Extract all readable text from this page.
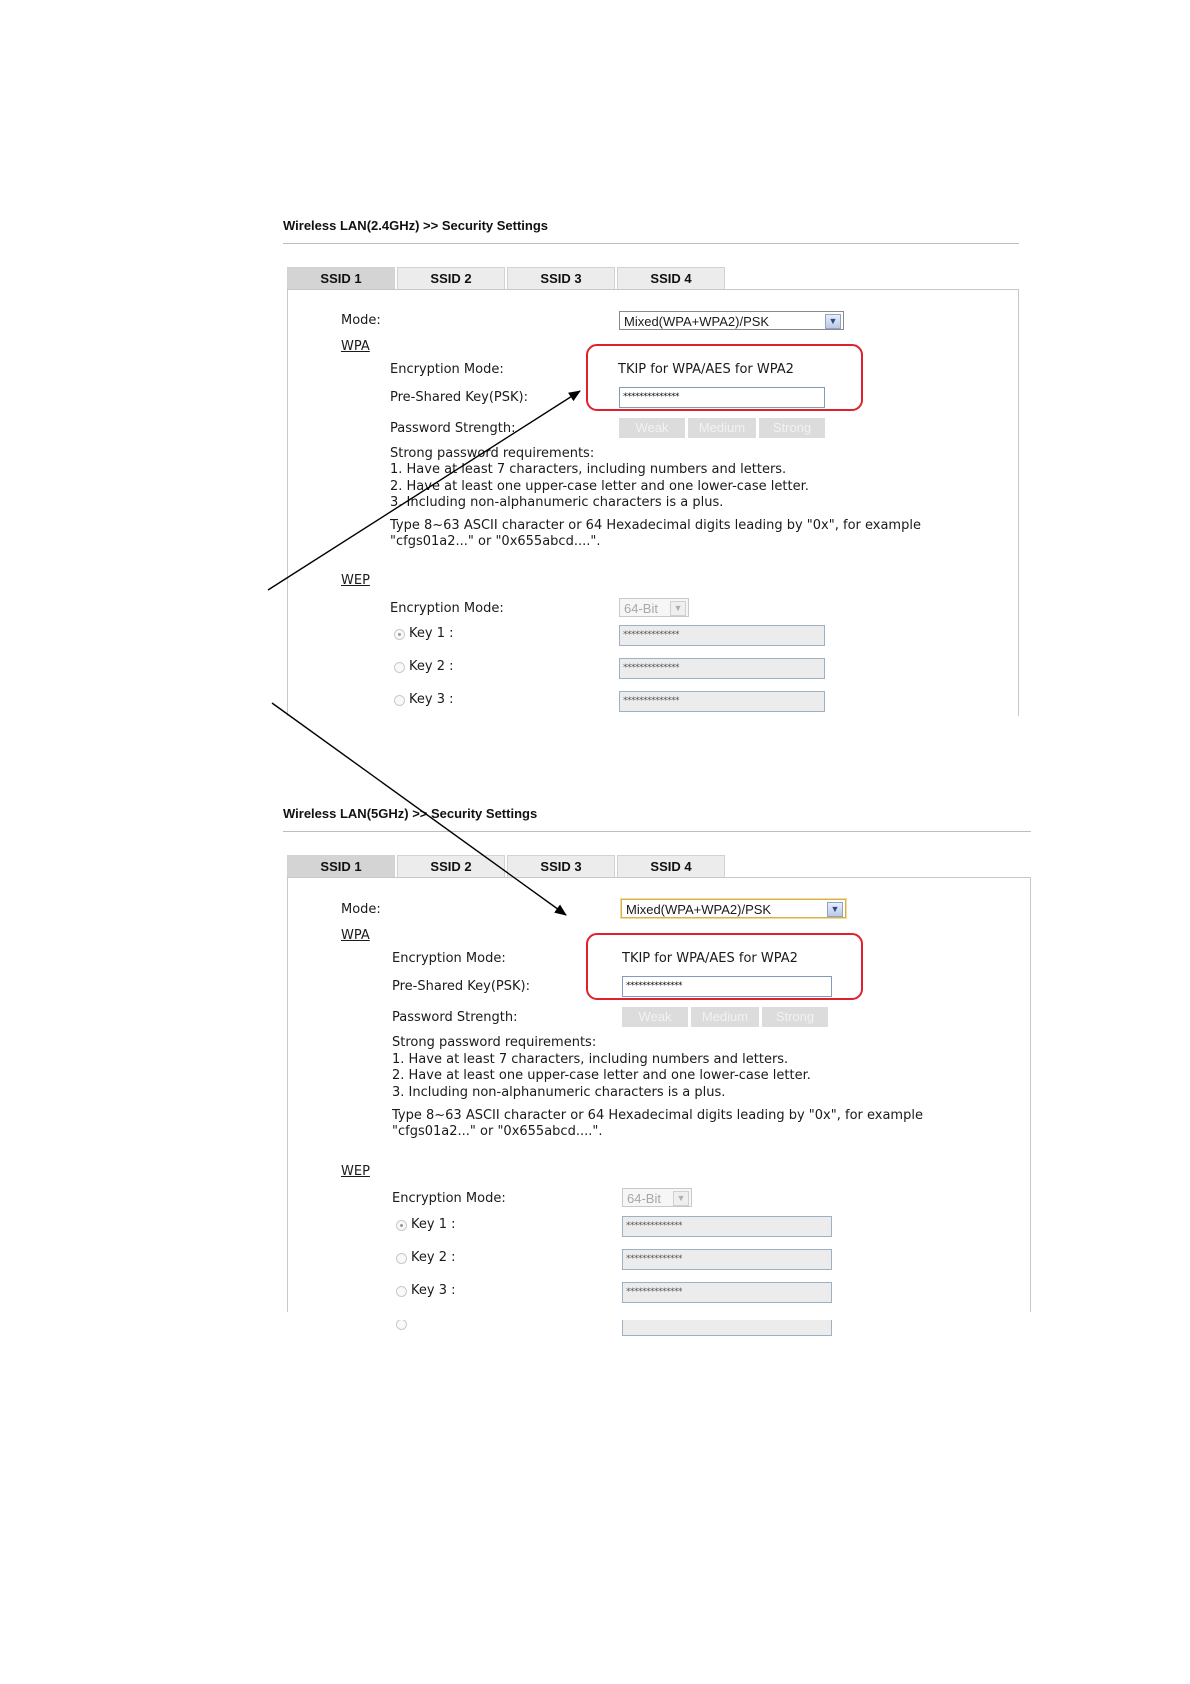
Wireless LAN(2.4GHz) >> Security Settings
SSID 1	SSID 2	SSID 3	SSID 4
Mode:	Mixed(WPA+WPA2)/PSK	▼
WPA
Encryption Mode:	TKIP for WPA/AES for WPA2
Pre-Shared Key(PSK):	**************
Password Strength:	Weak	Medium	Strong
Strong password requirements:
1. Have at least 7 characters, including numbers and letters.
2. Have at least one upper-case letter and one lower-case letter.
3. Including non-alphanumeric characters is a plus.
Type 8~63 ASCII character or 64 Hexadecimal digits leading by "0x", for example
"cfgs01a2..." or "0x655abcd....".
WEP
Encryption Mode:	64-Bit	▼
Key 1 :	**************
Key 2 :	**************
Key 3 :	**************
Wireless LAN(5GHz) >> Security Settings
SSID 1	SSID 2	SSID 3	SSID 4
Mode:	Mixed(WPA+WPA2)/PSK	▼
WPA
Encryption Mode:	TKIP for WPA/AES for WPA2
Pre-Shared Key(PSK):	**************
Password Strength:	Weak	Medium	Strong
Strong password requirements:
1. Have at least 7 characters, including numbers and letters.
2. Have at least one upper-case letter and one lower-case letter.
3. Including non-alphanumeric characters is a plus.
Type 8~63 ASCII character or 64 Hexadecimal digits leading by "0x", for example
"cfgs01a2..." or "0x655abcd....".
WEP
Encryption Mode:	64-Bit	▼
Key 1 :	**************
Key 2 :	**************
Key 3 :	**************
